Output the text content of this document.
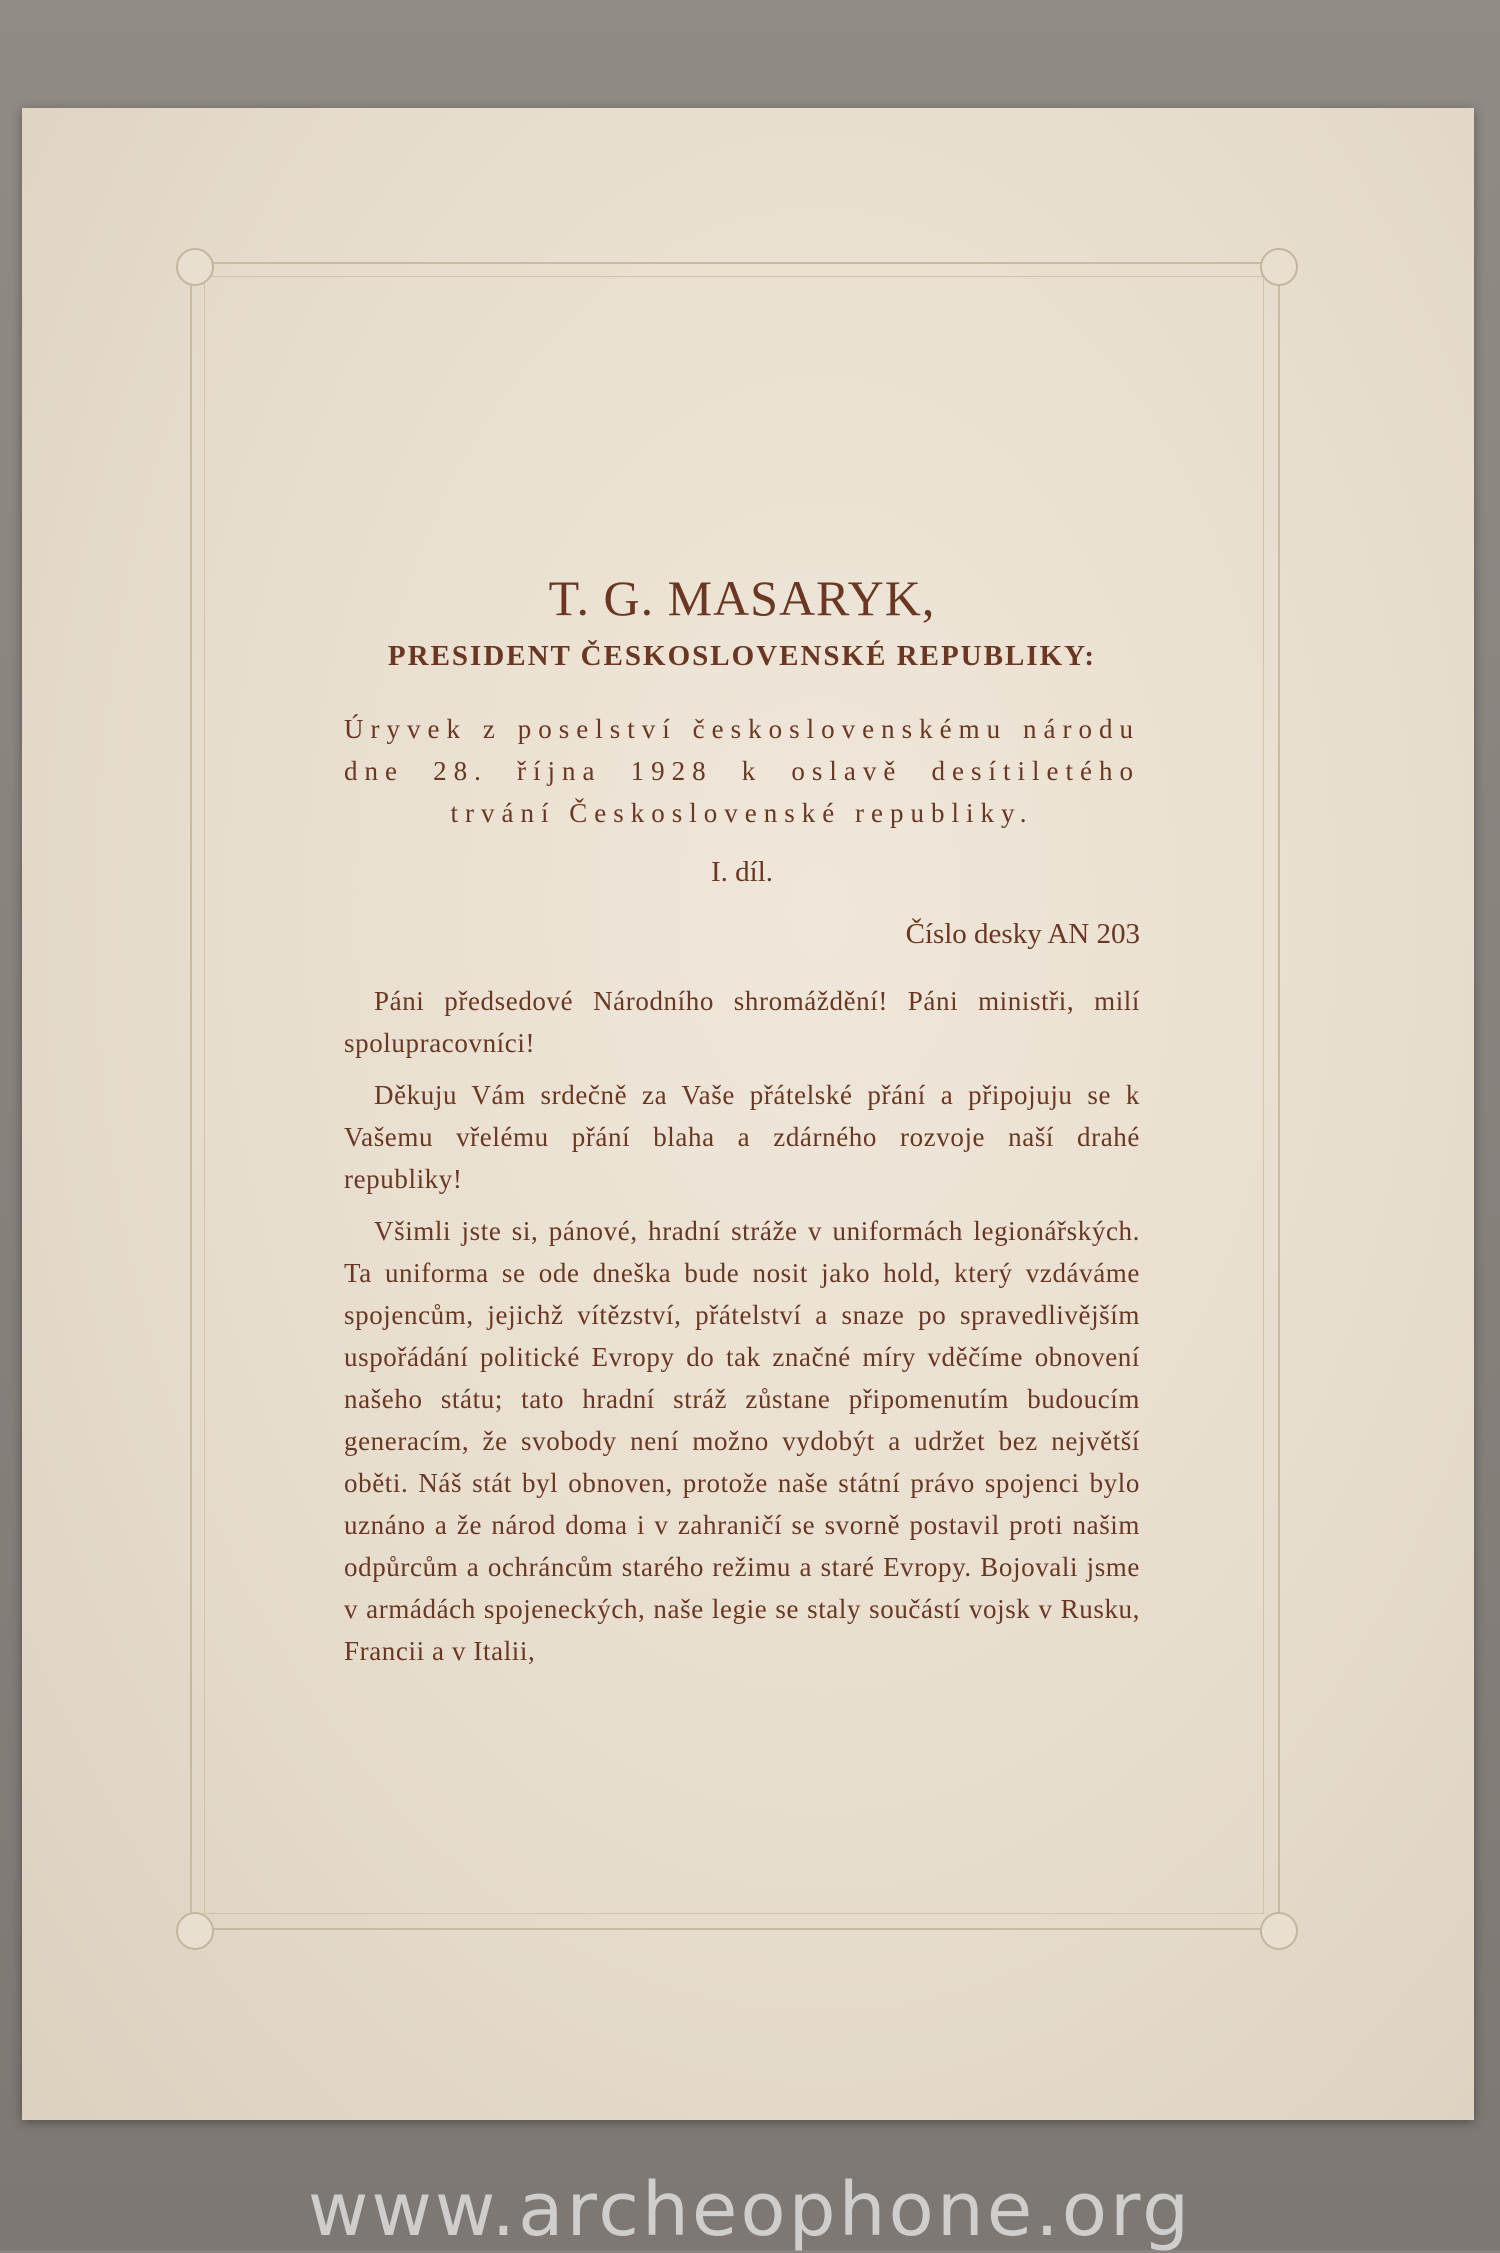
T. G. MASARYK,
PRESIDENT ČESKOSLOVENSKÉ REPUBLIKY:
Úryvek z poselství československému národu dne 28. října 1928 k oslavě desítiletého trvání Československé republiky.
I. díl.
Číslo desky AN 203

Páni předsedové Národního shromáždění! Páni ministři, milí spolupracovníci!

Děkuju Vám srdečně za Vaše přátelské přání a připojuju se k Vašemu vřelému přání blaha a zdárného rozvoje naší drahé republiky!

Všimli jste si, pánové, hradní stráže v uniformách legionářských. Ta uniforma se ode dneška bude nosit jako hold, který vzdáváme spojencům, jejichž vítězství, přátelství a snaze po spravedlivějším uspořádání politické Evropy do tak značné míry vděčíme obnovení našeho státu; tato hradní stráž zůstane připomenutím budoucím generacím, že svobody není možno vydobýt a udržet bez největší oběti. Náš stát byl obnoven, protože naše státní právo spojenci bylo uznáno a že národ doma i v zahraničí se svorně postavil proti našim odpůrcům a ochráncům starého režimu a staré Evropy. Bojovali jsme v armádách spojeneckých, naše legie se staly součástí vojsk v Rusku, Francii a v Italii,

www.archeophone.org
